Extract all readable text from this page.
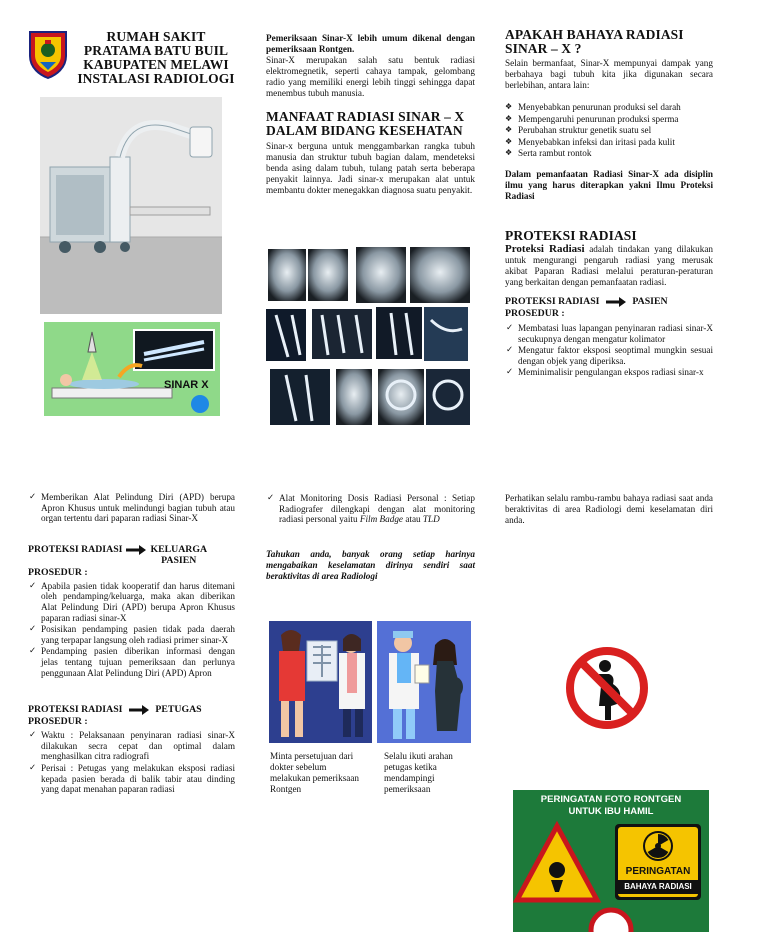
RUMAH SAKIT
PRATAMA BATU BUIL
KABUPATEN MELAWI
INSTALASI RADIOLOGI
SINAR X
Pemeriksaan Sinar-X lebih umum dikenal dengan pemeriksaan Rontgen.
Sinar-X merupakan salah satu bentuk radiasi elektromegnetik, seperti cahaya tampak, gelombang radio yang memiliki energi lebih tinggi sehingga dapat menembus tubuh manusia.
MANFAAT RADIASI SINAR – X DALAM BIDANG KESEHATAN
Sinar-x berguna untuk menggambarkan rangka tubuh manusia dan struktur tubuh bagian dalam, mendeteksi benda asing dalam tubuh, tulang patah serta beberapa penyakit lainnya. Jadi sinar-x merupakan alat untuk membantu dokter menegakkan diagnosa suatu penyakit.
APAKAH BAHAYA RADIASI SINAR – X ?
Selain bermanfaat, Sinar-X mempunyai dampak yang berbahaya bagi tubuh kita jika digunakan secara berlebihan, antara lain:
❖ Menyebabkan penurunan produksi sel darah
❖ Mempengaruhi penurunan produksi sperma
❖ Perubahan struktur genetik suatu sel
❖ Menyebabkan infeksi dan iritasi pada kulit
❖ Serta rambut rontok
Dalam pemanfaatan Radiasi Sinar-X ada disiplin ilmu yang harus diterapkan yakni Ilmu Proteksi Radiasi
PROTEKSI RADIASI
Proteksi Radiasi adalah tindakan yang dilakukan untuk mengurangi pengaruh radiasi yang merusak akibat Paparan Radiasi melalui peraturan-peraturan yang berkaitan dengan pemanfaatan radiasi.
PROTEKSI RADIASI	PASIEN
PROSEDUR :
✓ Membatasi luas lapangan penyinaran radiasi sinar-X secukupnya dengan mengatur kolimator
✓ Mengatur faktor eksposi seoptimal mungkin sesuai dengan objek yang diperiksa.
✓ Meminimalisir pengulangan ekspos radiasi sinar-x
✓ Memberikan Alat Pelindung Diri (APD) berupa Apron Khusus untuk melindungi bagian tubuh atau organ tertentu dari paparan radiasi Sinar-X
PROTEKSI RADIASI	KELUARGA
PASIEN
PROSEDUR :
✓ Apabila pasien tidak kooperatif dan harus ditemani oleh pendamping/keluarga, maka akan diberikan Alat Pelindung Diri (APD) berupa Apron Khusus paparan radiasi sinar-X
✓ Posisikan pendamping pasien tidak pada daerah yang terpapar langsung oleh radiasi primer sinar-X
✓ Pendamping pasien diberikan informasi dengan jelas tentang tujuan pemeriksaan dan perlunya penggunaan Alat Pelindung Diri (APD) Apron
PROTEKSI RADIASI	PETUGAS
PROSEDUR :
✓ Waktu : Pelaksanaan penyinaran radiasi sinar-X dilakukan secra cepat dan optimal dalam menghasilkan citra radiografi
✓ Perisai : Petugas yang melakukan eksposi radiasi kepada pasien berada di balik tabir atau dinding yang dapat menahan paparan radiasi
✓ Alat Monitoring Dosis Radiasi Personal : Setiap Radiografer dilengkapi dengan alat monitoring radiasi personal yaitu Film Badge atau TLD
Tahukan anda, banyak orang setiap harinya mengabaikan keselamatan dirinya sendiri saat beraktivitas di area Radiologi
Minta persetujuan dari dokter sebelum melakukan pemeriksaan Rontgen
Selalu ikuti arahan petugas ketika mendampingi pemeriksaan
Perhatikan selalu rambu-rambu bahaya radiasi saat anda beraktivitas di area Radiologi demi keselamatan diri anda.
PERINGATAN FOTO RONTGEN
UNTUK IBU HAMIL
PERINGATAN
BAHAYA RADIASI
